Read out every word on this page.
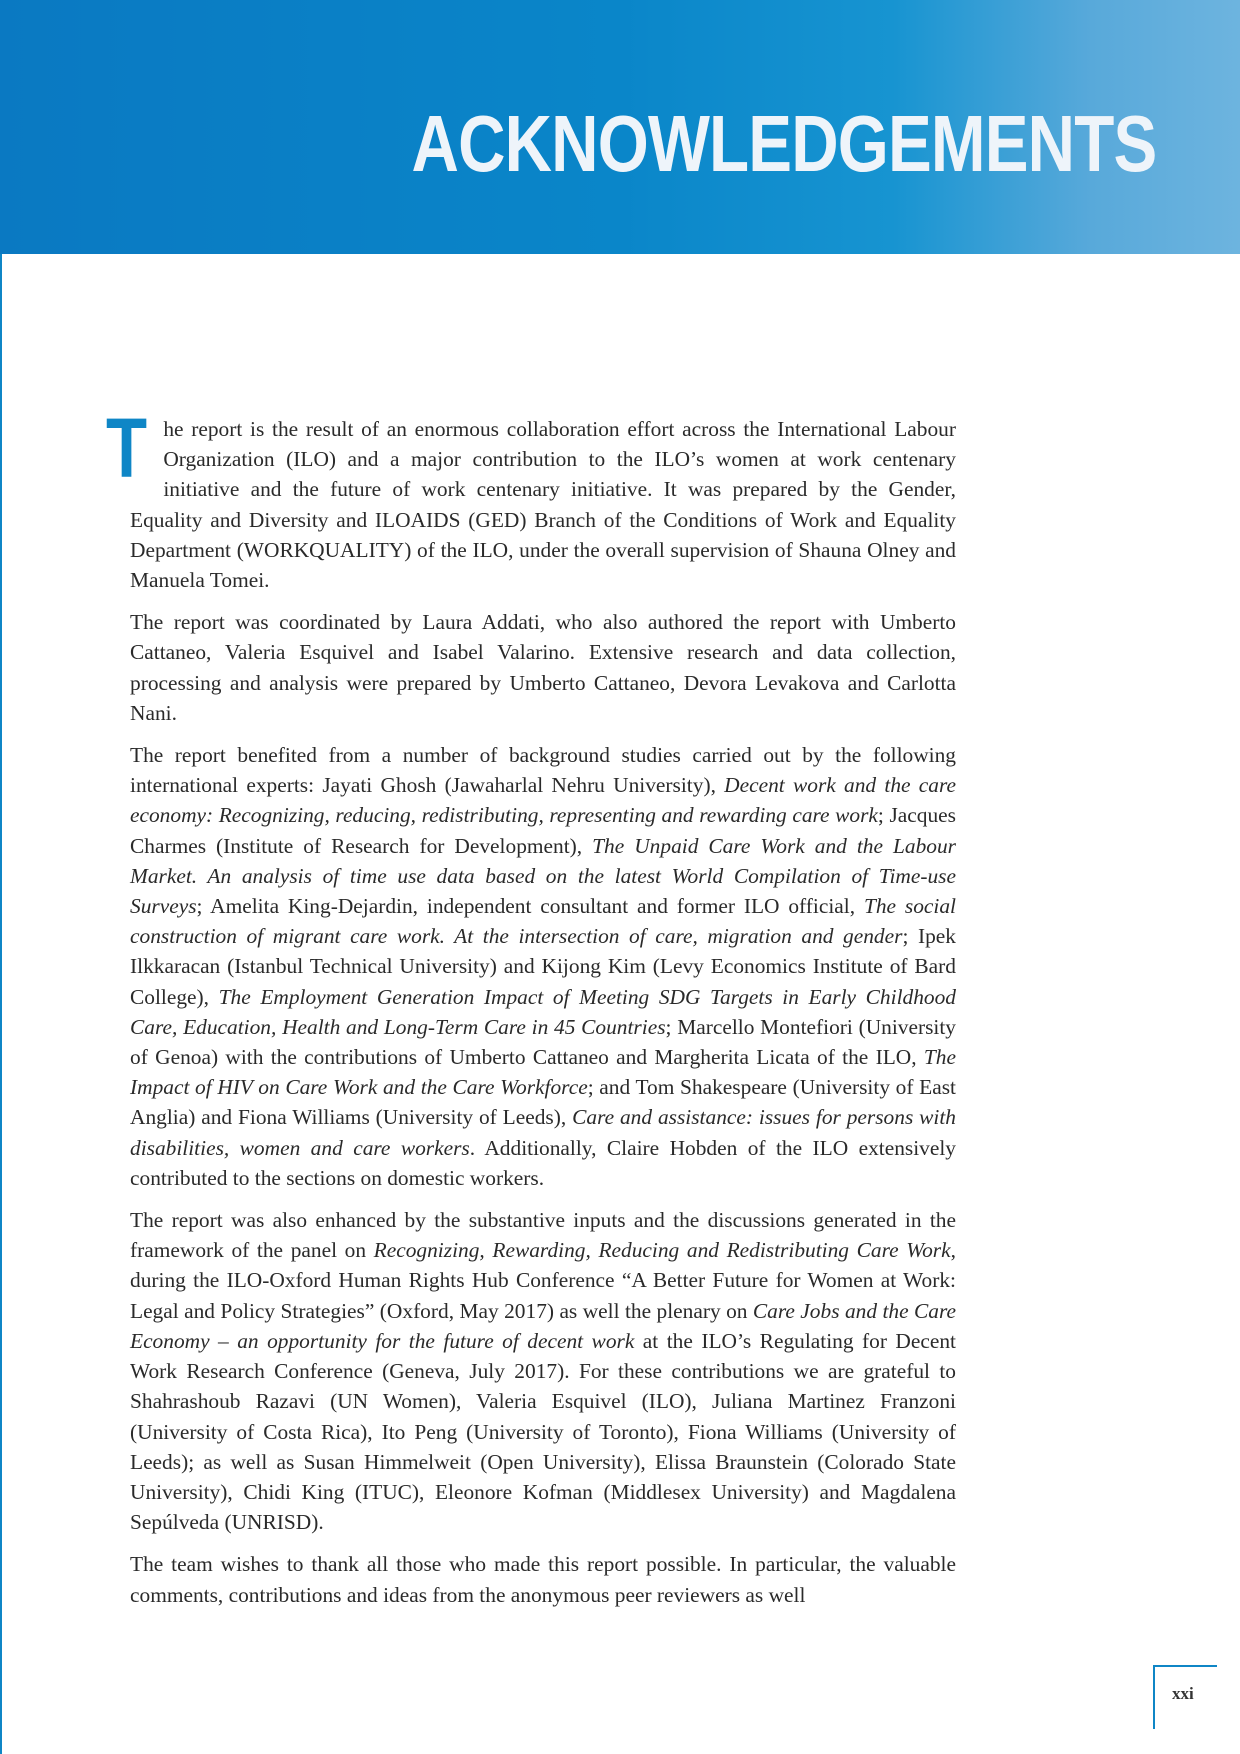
ACKNOWLEDGEMENTS

The report is the result of an enormous collaboration effort across the International Labour Organization (ILO) and a major contribution to the ILO’s women at work centenary initiative and the future of work centenary initiative. It was prepared by the Gender, Equality and Diversity and ILOAIDS (GED) Branch of the Conditions of Work and Equality Department (WORKQUALITY) of the ILO, under the overall supervision of Shauna Olney and Manuela Tomei.

The report was coordinated by Laura Addati, who also authored the report with Umberto Cattaneo, Valeria Esquivel and Isabel Valarino. Extensive research and data collection, processing and analysis were prepared by Umberto Cattaneo, Devora Levakova and Carlotta Nani.

The report benefited from a number of background studies carried out by the following international experts: Jayati Ghosh (Jawaharlal Nehru University), Decent work and the care economy: Recognizing, reducing, redistributing, representing and rewarding care work; Jacques Charmes (Institute of Research for Development), The Unpaid Care Work and the Labour Market. An analysis of time use data based on the latest World Compilation of Time-use Surveys; Amelita King-Dejardin, independent consultant and former ILO official, The social construction of migrant care work. At the intersection of care, migration and gender; Ipek Ilkkaracan (Istanbul Technical University) and Kijong Kim (Levy Economics Institute of Bard College), The Employment Generation Impact of Meeting SDG Targets in Early Childhood Care, Education, Health and Long-Term Care in 45 Countries; Marcello Montefiori (University of Genoa) with the contributions of Umberto Cattaneo and Margherita Licata of the ILO, The Impact of HIV on Care Work and the Care Workforce; and Tom Shakespeare (University of East Anglia) and Fiona Williams (University of Leeds), Care and assistance: issues for persons with disabilities, women and care workers. Additionally, Claire Hobden of the ILO extensively contributed to the sections on domestic workers.

The report was also enhanced by the substantive inputs and the discussions generated in the framework of the panel on Recognizing, Rewarding, Reducing and Redistributing Care Work, during the ILO-Oxford Human Rights Hub Conference “A Better Future for Women at Work: Legal and Policy Strategies” (Oxford, May 2017) as well the plenary on Care Jobs and the Care Economy – an opportunity for the future of decent work at the ILO’s Regulating for Decent Work Research Conference (Geneva, July 2017). For these contributions we are grateful to Shahrashoub Razavi (UN Women), Valeria Esquivel (ILO), Juliana Martinez Franzoni (University of Costa Rica), Ito Peng (University of Toronto), Fiona Williams (University of Leeds); as well as Susan Himmelweit (Open University), Elissa Braunstein (Colorado State University), Chidi King (ITUC), Eleonore Kofman (Middlesex University) and Magdalena Sepúlveda (UNRISD).

The team wishes to thank all those who made this report possible. In particular, the valuable comments, contributions and ideas from the anonymous peer reviewers as well

xxi
